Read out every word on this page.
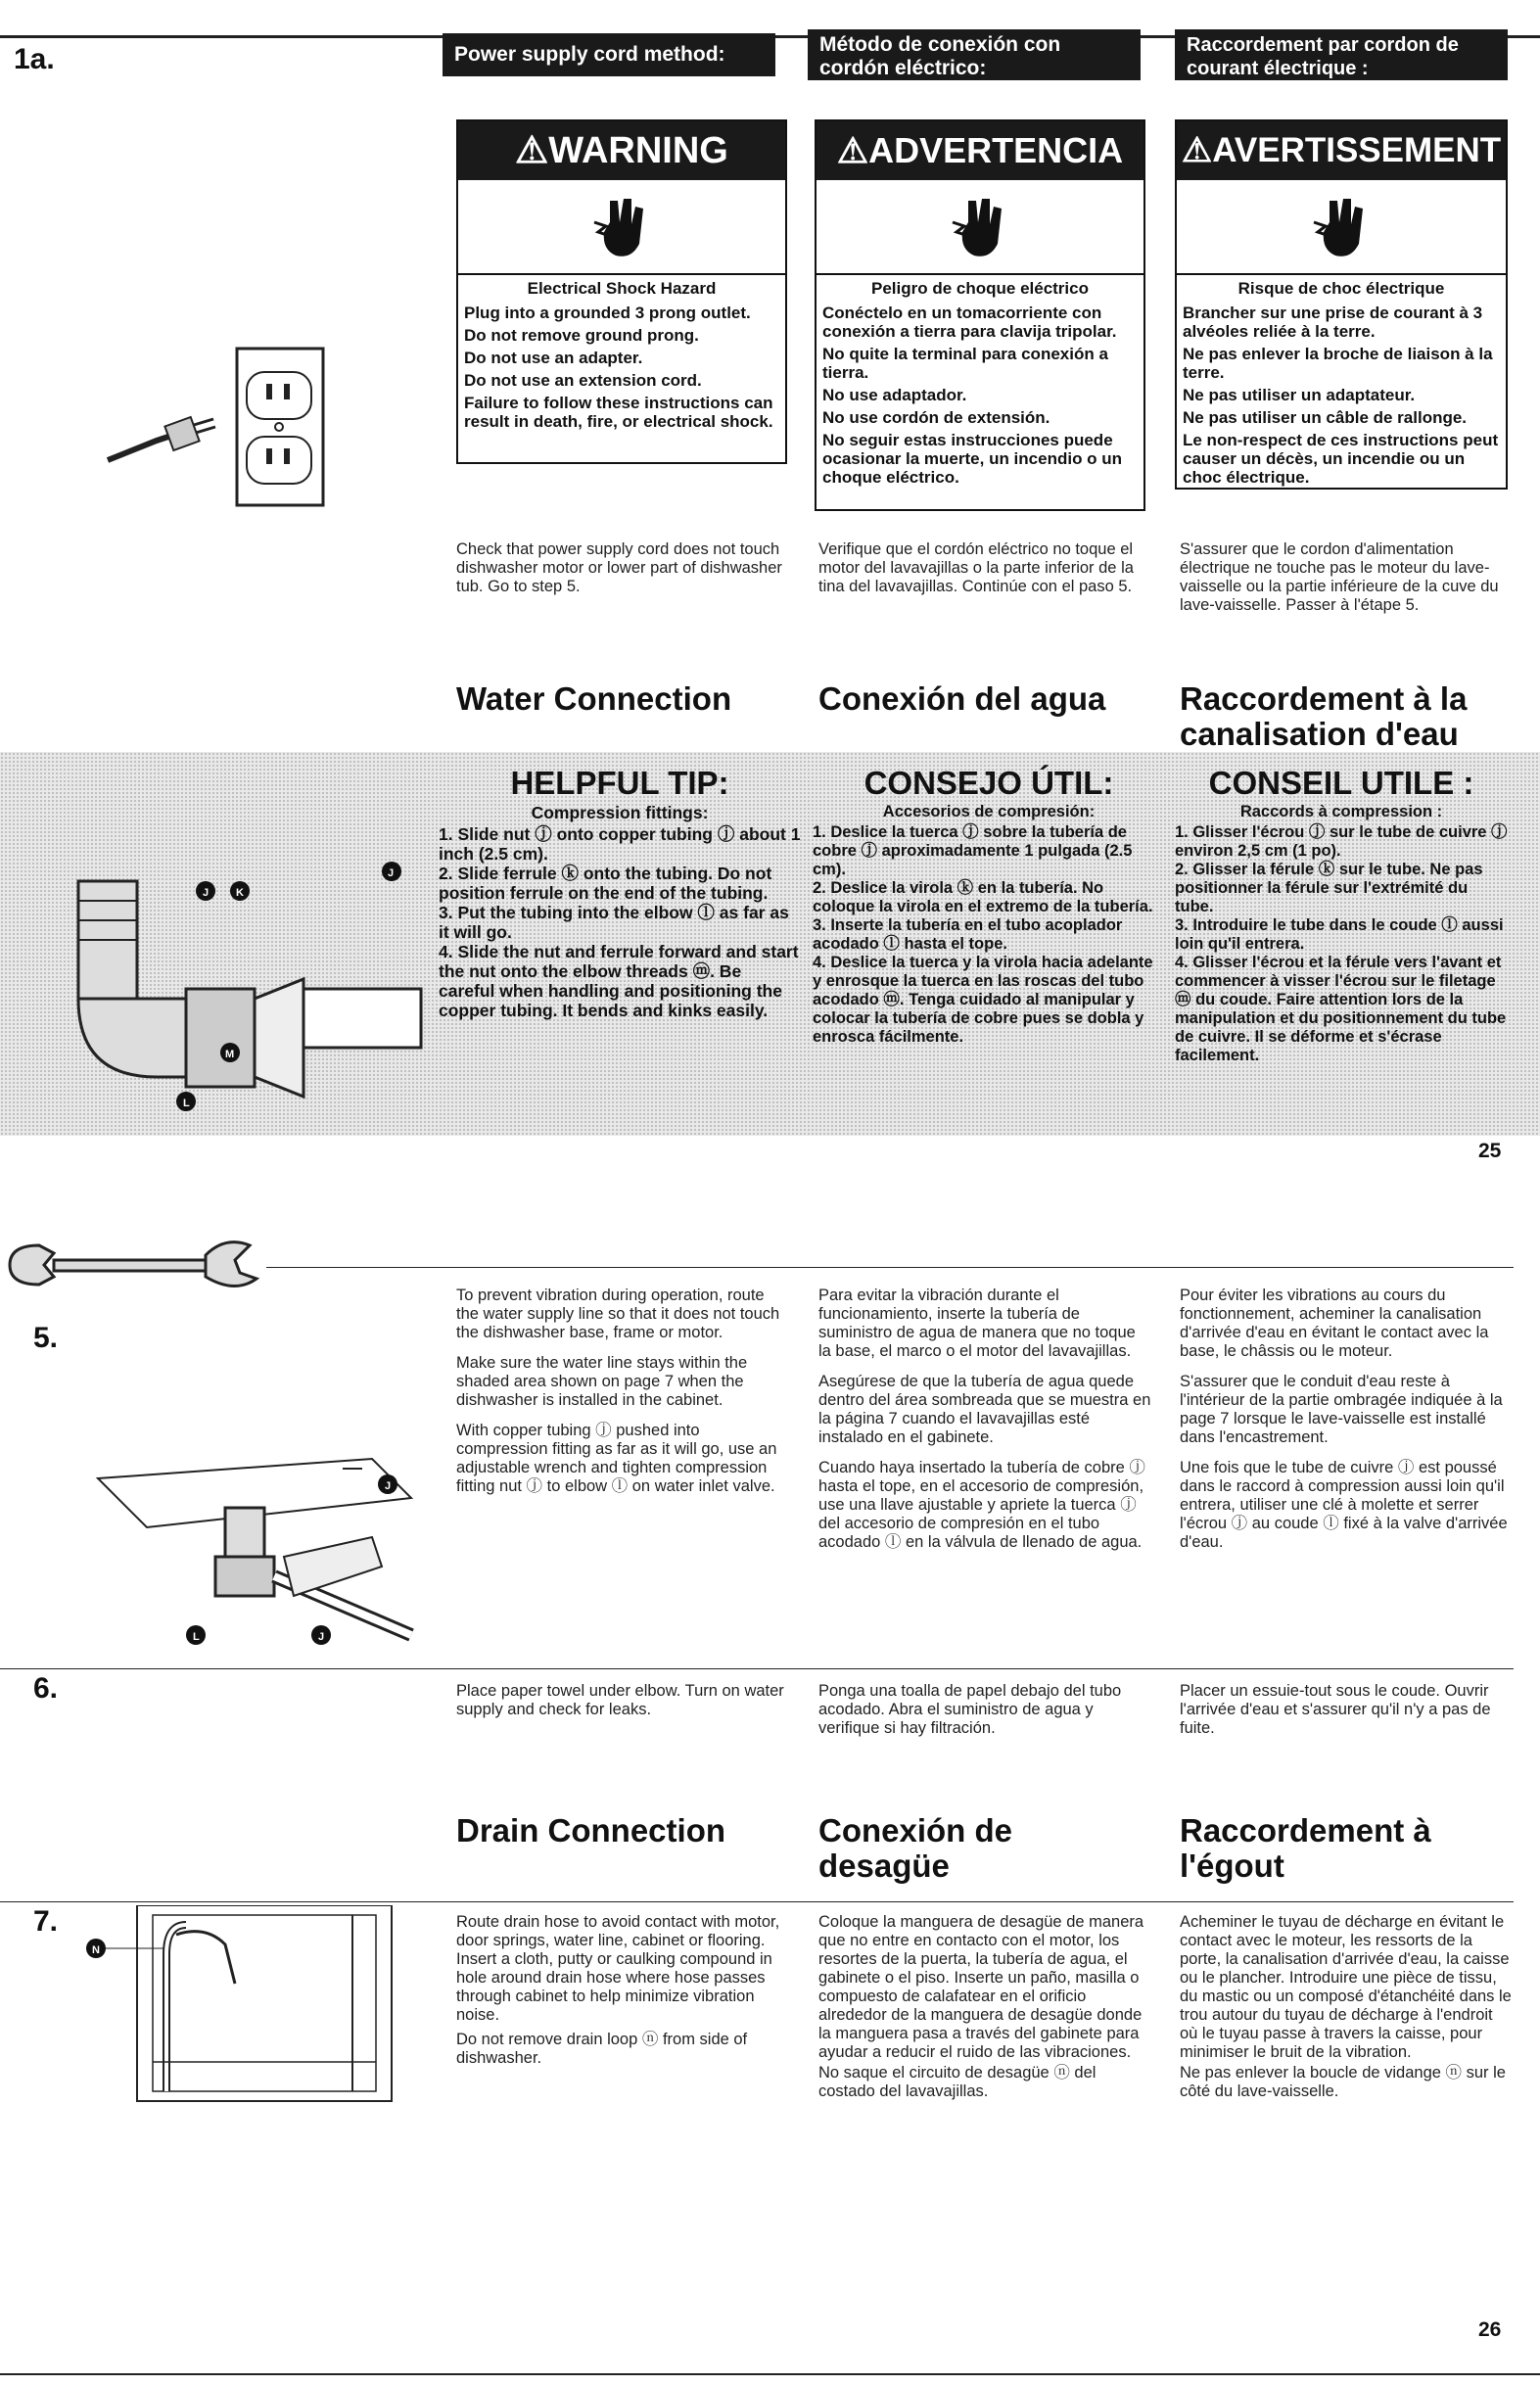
1a.	Power supply cord method:	Método de conexión con cordón eléctrico:
Raccordement par cordon de courant électrique :
⚠WARNING
Electrical Shock Hazard
Plug into a grounded 3 prong outlet.
Do not remove ground prong.
Do not use an adapter.
Do not use an extension cord.
Failure to follow these instructions can result in death, fire, or electrical shock.
⚠ADVERTENCIA
Peligro de choque eléctrico
Conéctelo en un tomacorriente con conexión a tierra para clavija tripolar.
No quite la terminal para conexión a tierra.
No use adaptador.
No use cordón de extensión.
No seguir estas instrucciones puede ocasionar la muerte, un incendio o un choque eléctrico.
⚠AVERTISSEMENT
Risque de choc électrique
Brancher sur une prise de courant à 3 alvéoles reliée à la terre.
Ne pas enlever la broche de liaison à la terre.
Ne pas utiliser un adaptateur.
Ne pas utiliser un câble de rallonge.
Le non-respect de ces instructions peut causer un décès, un incendie ou un choc électrique.
Check that power supply cord does not touch dishwasher motor or lower part of dishwasher tub. Go to step 5.
Verifique que el cordón eléctrico no toque el motor del lavavajillas o la parte inferior de la tina del lavavajillas. Continúe con el paso 5.
S'assurer que le cordon d'alimentation électrique ne touche pas le moteur du lave-vaisselle ou la partie inférieure de la cuve du lave-vaisselle. Passer à l'étape 5.
Water Connection	Conexión del agua	Raccordement à la canalisation d'eau
J
K
J
M
L
HELPFUL TIP:
Compression fittings:

1. Slide nut ⓙ onto copper tubing ⓙ about 1 inch (2.5 cm).

2. Slide ferrule ⓚ onto the tubing. Do not position ferrule on the end of the tubing.

3. Put the tubing into the elbow ⓛ as far as it will go.

4. Slide the nut and ferrule forward and start the nut onto the elbow threads ⓜ. Be careful when handling and positioning the copper tubing. It bends and kinks easily.

CONSEJO ÚTIL:
Accesorios de compresión:

1. Deslice la tuerca ⓙ sobre la tubería de cobre ⓙ aproximadamente 1 pulgada (2.5 cm).

2. Deslice la virola ⓚ en la tubería. No coloque la virola en el extremo de la tubería.

3. Inserte la tubería en el tubo acoplador acodado ⓛ hasta el tope.

4. Deslice la tuerca y la virola hacia adelante y enrosque la tuerca en las roscas del tubo acodado ⓜ. Tenga cuidado al manipular y colocar la tubería de cobre pues se dobla y enrosca fácilmente.

CONSEIL UTILE :
Raccords à compression :

1. Glisser l'écrou ⓙ sur le tube de cuivre ⓙ environ 2,5 cm (1 po).

2. Glisser la férule ⓚ sur le tube. Ne pas positionner la férule sur l'extrémité du tube.

3. Introduire le tube dans le coude ⓛ aussi loin qu'il entrera.

4. Glisser l'écrou et la férule vers l'avant et commencer à visser l'écrou sur le filetage ⓜ du coude. Faire attention lors de la manipulation et du positionnement du tube de cuivre. Il se déforme et s'écrase facilement.

25
5.
J
L	J

To prevent vibration during operation, route the water supply line so that it does not touch the dishwasher base, frame or motor.

Make sure the water line stays within the shaded area shown on page 7 when the dishwasher is installed in the cabinet.

With copper tubing ⓙ pushed into compression fitting as far as it will go, use an adjustable wrench and tighten compression fitting nut ⓙ to elbow ⓛ on water inlet valve.

Para evitar la vibración durante el funcionamiento, inserte la tubería de suministro de agua de manera que no toque la base, el marco o el motor del lavavajillas.

Asegúrese de que la tubería de agua quede dentro del área sombreada que se muestra en la página 7 cuando el lavavajillas esté instalado en el gabinete.

Cuando haya insertado la tubería de cobre ⓙ hasta el tope, en el accesorio de compresión, use una llave ajustable y apriete la tuerca ⓙ del accesorio de compresión en el tubo acodado ⓛ en la válvula de llenado de agua.

Pour éviter les vibrations au cours du fonctionnement, acheminer la canalisation d'arrivée d'eau en évitant le contact avec la base, le châssis ou le moteur.

S'assurer que le conduit d'eau reste à l'intérieur de la partie ombragée indiquée à la page 7 lorsque le lave-vaisselle est installé dans l'encastrement.

Une fois que le tube de cuivre ⓙ est poussé dans le raccord à compression aussi loin qu'il entrera, utiliser une clé à molette et serrer l'écrou ⓙ au coude ⓛ fixé à la valve d'arrivée d'eau.

6.	Place paper towel under elbow. Turn on water supply and check for leaks.
Ponga una toalla de papel debajo del tubo acodado. Abra el suministro de agua y verifique si hay filtración.
Placer un essuie-tout sous le coude. Ouvrir l'arrivée d'eau et s'assurer qu'il n'y a pas de fuite.
Drain Connection	Conexión de desagüe
Raccordement à l'égout
7.
N

Route drain hose to avoid contact with motor, door springs, water line, cabinet or flooring. Insert a cloth, putty or caulking compound in hole around drain hose where hose passes through cabinet to help minimize vibration noise.

Do not remove drain loop ⓝ from side of dishwasher.

Coloque la manguera de desagüe de manera que no entre en contacto con el motor, los resortes de la puerta, la tubería de agua, el gabinete o el piso. Inserte un paño, masilla o compuesto de calafatear en el orificio alrededor de la manguera de desagüe donde la manguera pasa a través del gabinete para ayudar a reducir el ruido de las vibraciones.

No saque el circuito de desagüe ⓝ del costado del lavavajillas.

Acheminer le tuyau de décharge en évitant le contact avec le moteur, les ressorts de la porte, la canalisation d'arrivée d'eau, la caisse ou le plancher. Introduire une pièce de tissu, du mastic ou un composé d'étanchéité dans le trou autour du tuyau de décharge à l'endroit où le tuyau passe à travers la caisse, pour minimiser le bruit de la vibration.

Ne pas enlever la boucle de vidange ⓝ sur le côté du lave-vaisselle.

26
